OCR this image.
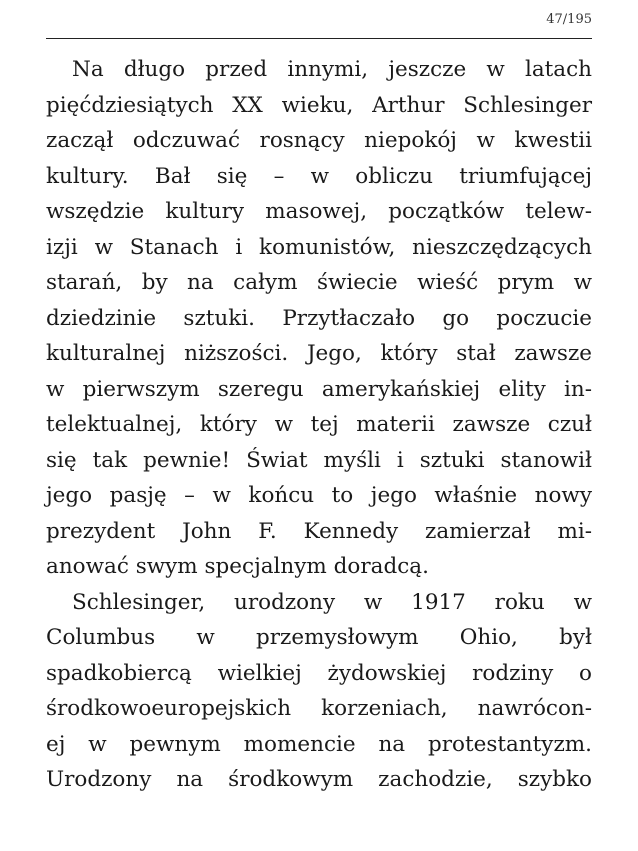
47/195
Na długo przed innymi, jeszcze w latach
pięćdziesiątych XX wieku, Arthur Schlesinger
zaczął odczuwać rosnący niepokój w kwestii
kultury. Bał się – w obliczu triumfującej
wszędzie kultury masowej, początków telew-
izji w Stanach i komunistów, nieszczędzących
starań, by na całym świecie wieść prym w
dziedzinie sztuki. Przytłaczało go poczucie
kulturalnej niższości. Jego, który stał zawsze
w pierwszym szeregu amerykańskiej elity in-
telektualnej, który w tej materii zawsze czuł
się tak pewnie! Świat myśli i sztuki stanowił
jego pasję – w końcu to jego właśnie nowy
prezydent John F. Kennedy zamierzał mi-
anować swym specjalnym doradcą.
Schlesinger, urodzony w 1917 roku w
Columbus w przemysłowym Ohio, był
spadkobiercą wielkiej żydowskiej rodziny o
środkowoeuropejskich korzeniach, nawrócon-
ej w pewnym momencie na protestantyzm.
Urodzony na środkowym zachodzie, szybko
